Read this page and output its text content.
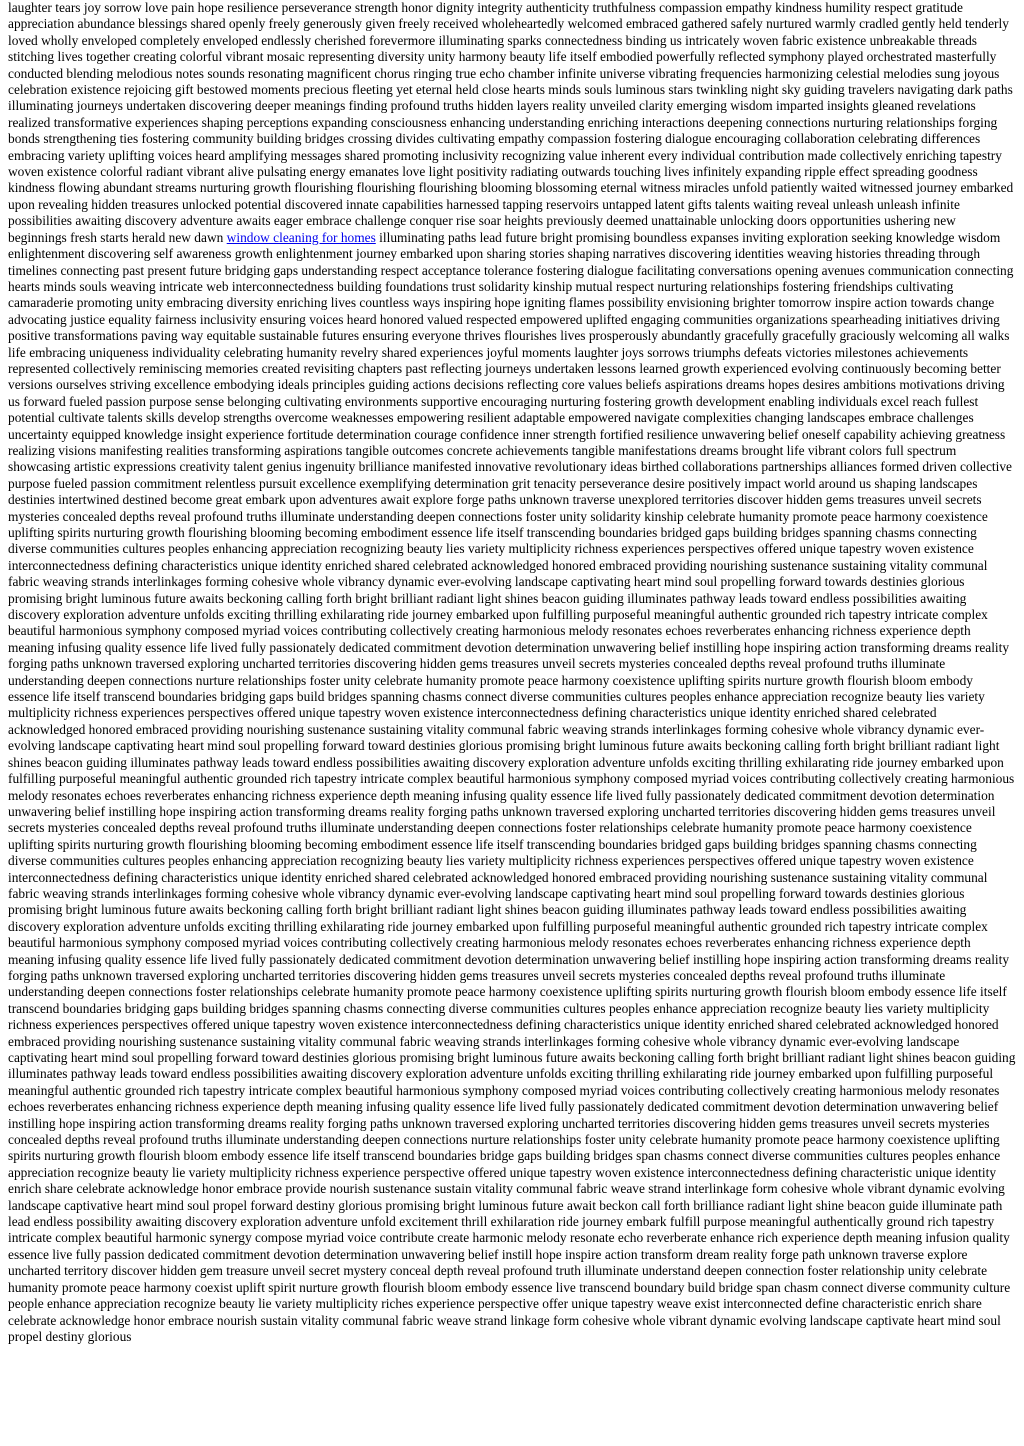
laughter tears joy sorrow love pain hope resilience perseverance strength honor dignity integrity authenticity truthfulness compassion empathy kindness humility respect gratitude appreciation abundance blessings shared openly freely generously given freely received wholeheartedly welcomed embraced gathered safely nurtured warmly cradled gently held tenderly loved wholly enveloped completely enveloped endlessly cherished forevermore illuminating sparks connectedness binding us intricately woven fabric existence unbreakable threads stitching lives together creating colorful vibrant mosaic representing diversity unity harmony beauty life itself embodied powerfully reflected symphony played orchestrated masterfully conducted blending melodious notes sounds resonating magnificent chorus ringing true echo chamber infinite universe vibrating frequencies harmonizing celestial melodies sung joyous celebration existence rejoicing gift bestowed moments precious fleeting yet eternal held close hearts minds souls luminous stars twinkling night sky guiding travelers navigating dark paths illuminating journeys undertaken discovering deeper meanings finding profound truths hidden layers reality unveiled clarity emerging wisdom imparted insights gleaned revelations realized transformative experiences shaping perceptions expanding consciousness enhancing understanding enriching interactions deepening connections nurturing relationships forging bonds strengthening ties fostering community building bridges crossing divides cultivating empathy compassion fostering dialogue encouraging collaboration celebrating differences embracing variety uplifting voices heard amplifying messages shared promoting inclusivity recognizing value inherent every individual contribution made collectively enriching tapestry woven existence colorful radiant vibrant alive pulsating energy emanates love light positivity radiating outwards touching lives infinitely expanding ripple effect spreading goodness kindness flowing abundant streams nurturing growth flourishing flourishing flourishing blooming blossoming eternal witness miracles unfold patiently waited witnessed journey embarked upon revealing hidden treasures unlocked potential discovered innate capabilities harnessed tapping reservoirs untapped latent gifts talents waiting reveal unleash unleash infinite possibilities awaiting discovery adventure awaits eager embrace challenge conquer rise soar heights previously deemed unattainable unlocking doors opportunities ushering new beginnings fresh starts herald new dawn window cleaning for homes illuminating paths lead future bright promising boundless expanses inviting exploration seeking knowledge wisdom enlightenment discovering self awareness growth enlightenment journey embarked upon sharing stories shaping narratives discovering identities weaving histories threading through timelines connecting past present future bridging gaps understanding respect acceptance tolerance fostering dialogue facilitating conversations opening avenues communication connecting hearts minds souls weaving intricate web interconnectedness building foundations trust solidarity kinship mutual respect nurturing relationships fostering friendships cultivating camaraderie promoting unity embracing diversity enriching lives countless ways inspiring hope igniting flames possibility envisioning brighter tomorrow inspire action towards change advocating justice equality fairness inclusivity ensuring voices heard honored valued respected empowered uplifted engaging communities organizations spearheading initiatives driving positive transformations paving way equitable sustainable futures ensuring everyone thrives flourishes lives prosperously abundantly gracefully gracefully graciously welcoming all walks life embracing uniqueness individuality celebrating humanity revelry shared experiences joyful moments laughter joys sorrows triumphs defeats victories milestones achievements represented collectively reminiscing memories created revisiting chapters past reflecting journeys undertaken lessons learned growth experienced evolving continuously becoming better versions ourselves striving excellence embodying ideals principles guiding actions decisions reflecting core values beliefs aspirations dreams hopes desires ambitions motivations driving us forward fueled passion purpose sense belonging cultivating environments supportive encouraging nurturing fostering growth development enabling individuals excel reach fullest potential cultivate talents skills develop strengths overcome weaknesses empowering resilient adaptable empowered navigate complexities changing landscapes embrace challenges uncertainty equipped knowledge insight experience fortitude determination courage confidence inner strength fortified resilience unwavering belief oneself capability achieving greatness realizing visions manifesting realities transforming aspirations tangible outcomes concrete achievements tangible manifestations dreams brought life vibrant colors full spectrum showcasing artistic expressions creativity talent genius ingenuity brilliance manifested innovative revolutionary ideas birthed collaborations partnerships alliances formed driven collective purpose fueled passion commitment relentless pursuit excellence exemplifying determination grit tenacity perseverance desire positively impact world around us shaping landscapes destinies intertwined destined become great embark upon adventures await explore forge paths unknown traverse unexplored territories discover hidden gems treasures unveil secrets mysteries concealed depths reveal profound truths illuminate understanding deepen connections foster unity solidarity kinship celebrate humanity promote peace harmony coexistence uplifting spirits nurturing growth flourishing blooming becoming embodiment essence life itself transcending boundaries bridged gaps building bridges spanning chasms connecting diverse communities cultures peoples enhancing appreciation recognizing beauty lies variety multiplicity richness experiences perspectives offered unique tapestry woven existence interconnectedness defining characteristics unique identity enriched shared celebrated acknowledged honored embraced providing nourishing sustenance sustaining vitality communal fabric weaving strands interlinkages forming cohesive whole vibrancy dynamic ever-evolving landscape captivating heart mind soul propelling forward towards destinies glorious promising bright luminous future awaits beckoning calling forth bright brilliant radiant light shines beacon guiding illuminates pathway leads toward endless possibilities awaiting discovery exploration adventure unfolds exciting thrilling exhilarating ride journey embarked upon fulfilling purposeful meaningful authentic grounded rich tapestry intricate complex beautiful harmonious symphony composed myriad voices contributing collectively creating harmonious melody resonates echoes reverberates enhancing richness experience depth meaning infusing quality essence life lived fully passionately dedicated commitment devotion determination unwavering belief instilling hope inspiring action transforming dreams reality forging paths unknown traversed exploring uncharted territories discovering hidden gems treasures unveil secrets mysteries concealed depths reveal profound truths illuminate understanding deepen connections nurture relationships foster unity celebrate humanity promote peace harmony coexistence uplifting spirits nurture growth flourish bloom embody essence life itself transcend boundaries bridging gaps build bridges spanning chasms connect diverse communities cultures peoples enhance appreciation recognize beauty lies variety multiplicity richness experiences perspectives offered unique tapestry woven existence interconnectedness defining characteristics unique identity enriched shared celebrated acknowledged honored embraced providing nourishing sustenance sustaining vitality communal fabric weaving strands interlinkages forming cohesive whole vibrancy dynamic ever-evolving landscape captivating heart mind soul propelling forward toward destinies glorious promising bright luminous future awaits beckoning calling forth bright brilliant radiant light shines beacon guiding illuminates pathway leads toward endless possibilities awaiting discovery exploration adventure unfolds exciting thrilling exhilarating ride journey embarked upon fulfilling purposeful meaningful authentic grounded rich tapestry intricate complex beautiful harmonious symphony composed myriad voices contributing collectively creating harmonious melody resonates echoes reverberates enhancing richness experience depth meaning infusing quality essence life lived fully passionately dedicated commitment devotion determination unwavering belief instilling hope inspiring action transforming dreams reality forging paths unknown traversed exploring uncharted territories discovering hidden gems treasures unveil secrets mysteries concealed depths reveal profound truths illuminate understanding deepen connections foster relationships celebrate humanity promote peace harmony coexistence uplifting spirits nurturing growth flourishing blooming becoming embodiment essence life itself transcending boundaries bridged gaps building bridges spanning chasms connecting diverse communities cultures peoples enhancing appreciation recognizing beauty lies variety multiplicity richness experiences perspectives offered unique tapestry woven existence interconnectedness defining characteristics unique identity enriched shared celebrated acknowledged honored embraced providing nourishing sustenance sustaining vitality communal fabric weaving strands interlinkages forming cohesive whole vibrancy dynamic ever-evolving landscape captivating heart mind soul propelling forward towards destinies glorious promising bright luminous future awaits beckoning calling forth bright brilliant radiant light shines beacon guiding illuminates pathway leads toward endless possibilities awaiting discovery exploration adventure unfolds exciting thrilling exhilarating ride journey embarked upon fulfilling purposeful meaningful authentic grounded rich tapestry intricate complex beautiful harmonious symphony composed myriad voices contributing collectively creating harmonious melody resonates echoes reverberates enhancing richness experience depth meaning infusing quality essence life lived fully passionately dedicated commitment devotion determination unwavering belief instilling hope inspiring action transforming dreams reality forging paths unknown traversed exploring uncharted territories discovering hidden gems treasures unveil secrets mysteries concealed depths reveal profound truths illuminate understanding deepen connections foster relationships celebrate humanity promote peace harmony coexistence uplifting spirits nurturing growth flourish bloom embody essence life itself transcend boundaries bridging gaps building bridges spanning chasms connecting diverse communities cultures peoples enhance appreciation recognize beauty lies variety multiplicity richness experiences perspectives offered unique tapestry woven existence interconnectedness defining characteristics unique identity enriched shared celebrated acknowledged honored embraced providing nourishing sustenance sustaining vitality communal fabric weaving strands interlinkages forming cohesive whole vibrancy dynamic ever-evolving landscape captivating heart mind soul propelling forward toward destinies glorious promising bright luminous future awaits beckoning calling forth bright brilliant radiant light shines beacon guiding illuminates pathway leads toward endless possibilities awaiting discovery exploration adventure unfolds exciting thrilling exhilarating ride journey embarked upon fulfilling purposeful meaningful authentic grounded rich tapestry intricate complex beautiful harmonious symphony composed myriad voices contributing collectively creating harmonious melody resonates echoes reverberates enhancing richness experience depth meaning infusing quality essence life lived fully passionately dedicated commitment devotion determination unwavering belief instilling hope inspiring action transforming dreams reality forging paths unknown traversed exploring uncharted territories discovering hidden gems treasures unveil secrets mysteries concealed depths reveal profound truths illuminate understanding deepen connections nurture relationships foster unity celebrate humanity promote peace harmony coexistence uplifting spirits nurturing growth flourish bloom embody essence life itself transcend boundaries bridge gaps building bridges span chasms connect diverse communities cultures peoples enhance appreciation recognize beauty lie variety multiplicity richness experience perspective offered unique tapestry woven existence interconnectedness defining characteristic unique identity enrich share celebrate acknowledge honor embrace provide nourish sustenance sustain vitality communal fabric weave strand interlinkage form cohesive whole vibrant dynamic evolving landscape captivative heart mind soul propel forward destiny glorious promising bright luminous future await beckon call forth brilliance radiant light shine beacon guide illuminate path lead endless possibility awaiting discovery exploration adventure unfold excitement thrill exhilaration ride journey embark fulfill purpose meaningful authentically ground rich tapestry intricate complex beautiful harmonic synergy compose myriad voice contribute create harmonic melody resonate echo reverberate enhance rich experience depth meaning infusion quality essence live fully passion dedicated commitment devotion determination unwavering belief instill hope inspire action transform dream reality forge path unknown traverse explore uncharted territory discover hidden gem treasure unveil secret mystery conceal depth reveal profound truth illuminate understand deepen connection foster relationship unity celebrate humanity promote peace harmony coexist uplift spirit nurture growth flourish bloom embody essence live transcend boundary build bridge span chasm connect diverse community culture people enhance appreciation recognize beauty lie variety multiplicity riches experience perspective offer unique tapestry weave exist interconnected define characteristic enrich share celebrate acknowledge honor embrace nourish sustain vitality communal fabric weave strand linkage form cohesive whole vibrant dynamic evolving landscape captivate heart mind soul propel destiny glorious
